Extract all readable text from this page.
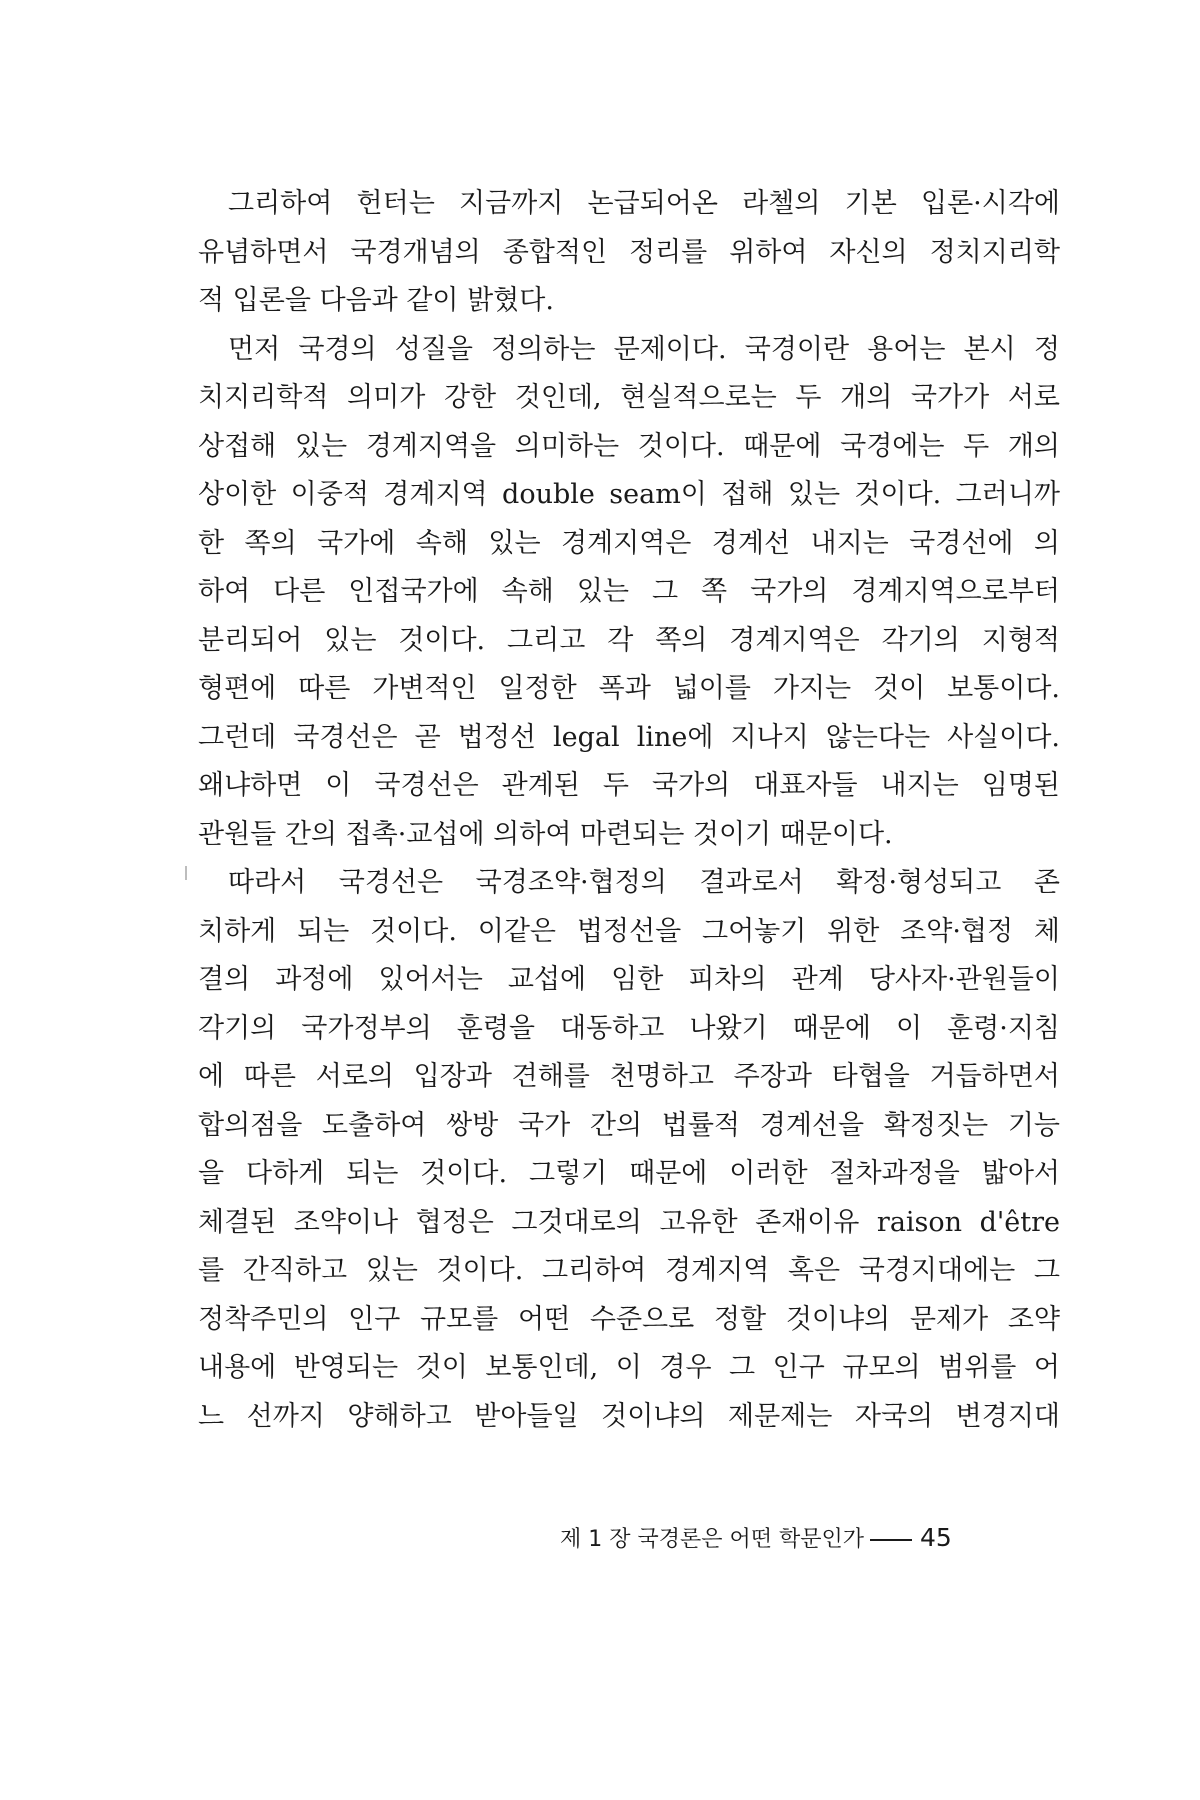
그리하여 헌터는 지금까지 논급되어온 라첼의 기본 입론·시각에
유념하면서 국경개념의 종합적인 정리를 위하여 자신의 정치지리학
적 입론을 다음과 같이 밝혔다.
먼저 국경의 성질을 정의하는 문제이다. 국경이란 용어는 본시 정
치지리학적 의미가 강한 것인데, 현실적으로는 두 개의 국가가 서로
상접해 있는 경계지역을 의미하는 것이다. 때문에 국경에는 두 개의
상이한 이중적 경계지역 double seam이 접해 있는 것이다. 그러니까
한 쪽의 국가에 속해 있는 경계지역은 경계선 내지는 국경선에 의
하여 다른 인접국가에 속해 있는 그 쪽 국가의 경계지역으로부터
분리되어 있는 것이다. 그리고 각 쪽의 경계지역은 각기의 지형적
형편에 따른 가변적인 일정한 폭과 넓이를 가지는 것이 보통이다.
그런데 국경선은 곧 법정선 legal line에 지나지 않는다는 사실이다.
왜냐하면 이 국경선은 관계된 두 국가의 대표자들 내지는 임명된
관원들 간의 접촉·교섭에 의하여 마련되는 것이기 때문이다.
따라서 국경선은 국경조약·협정의 결과로서 확정·형성되고 존
치하게 되는 것이다. 이같은 법정선을 그어놓기 위한 조약·협정 체
결의 과정에 있어서는 교섭에 임한 피차의 관계 당사자·관원들이
각기의 국가정부의 훈령을 대동하고 나왔기 때문에 이 훈령·지침
에 따른 서로의 입장과 견해를 천명하고 주장과 타협을 거듭하면서
합의점을 도출하여 쌍방 국가 간의 법률적 경계선을 확정짓는 기능
을 다하게 되는 것이다. 그렇기 때문에 이러한 절차과정을 밟아서
체결된 조약이나 협정은 그것대로의 고유한 존재이유 raison d'être
를 간직하고 있는 것이다. 그리하여 경계지역 혹은 국경지대에는 그
정착주민의 인구 규모를 어떤 수준으로 정할 것이냐의 문제가 조약
내용에 반영되는 것이 보통인데, 이 경우 그 인구 규모의 범위를 어
느 선까지 양해하고 받아들일 것이냐의 제문제는 자국의 변경지대
제 1 장 국경론은 어떤 학문인가 45
